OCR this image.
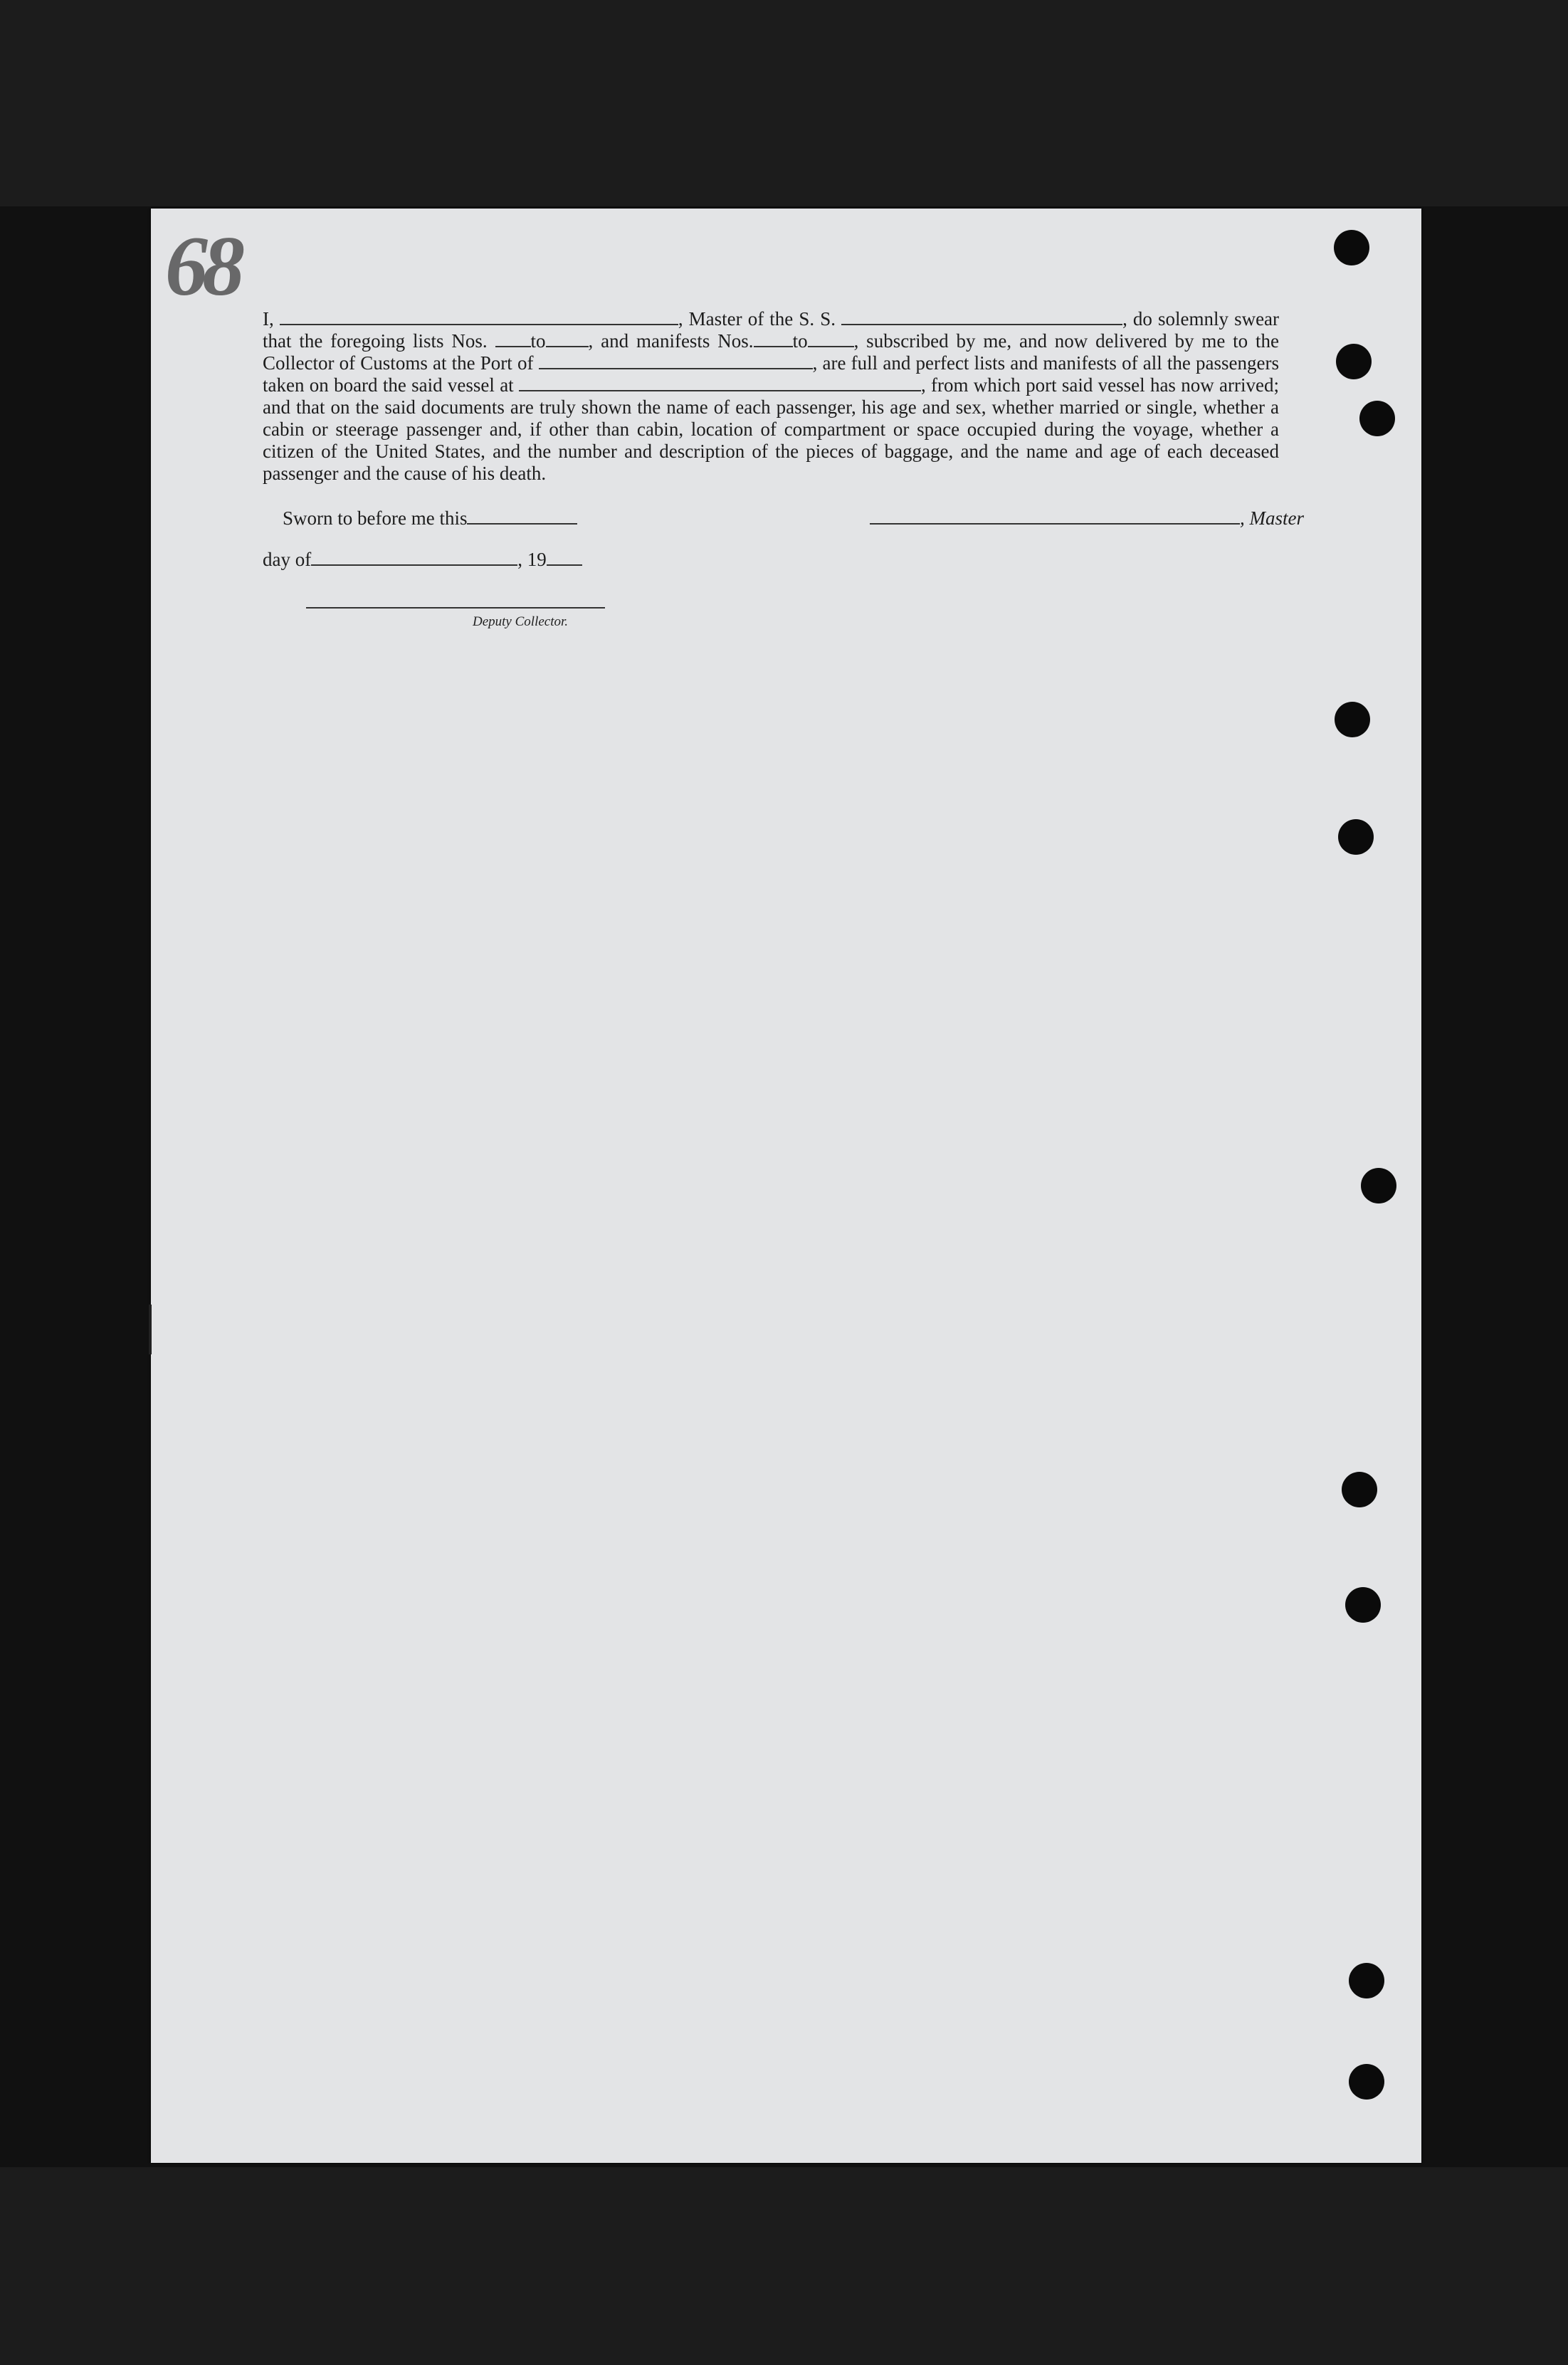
68
I,	, Master of the S. S.	, do solemnly swear that the foregoing lists Nos. to , and manifests Nos. to , subscribed by me, and now delivered by me to the Collector of Customs at the Port of	, are full and perfect lists and manifests of all the passengers taken on board the said vessel at	, from which port said vessel has now arrived; and that on the said documents are truly shown the name of each passenger, his age and sex, whether married or single, whether a cabin or steerage passenger and, if other than cabin, location of compartment or space occupied during the voyage, whether a citizen of the United States, and the number and description of the pieces of baggage, and the name and age of each deceased passenger and the cause of his death.
Sworn to before me this	, Master
day of	, 19
Deputy Collector.
